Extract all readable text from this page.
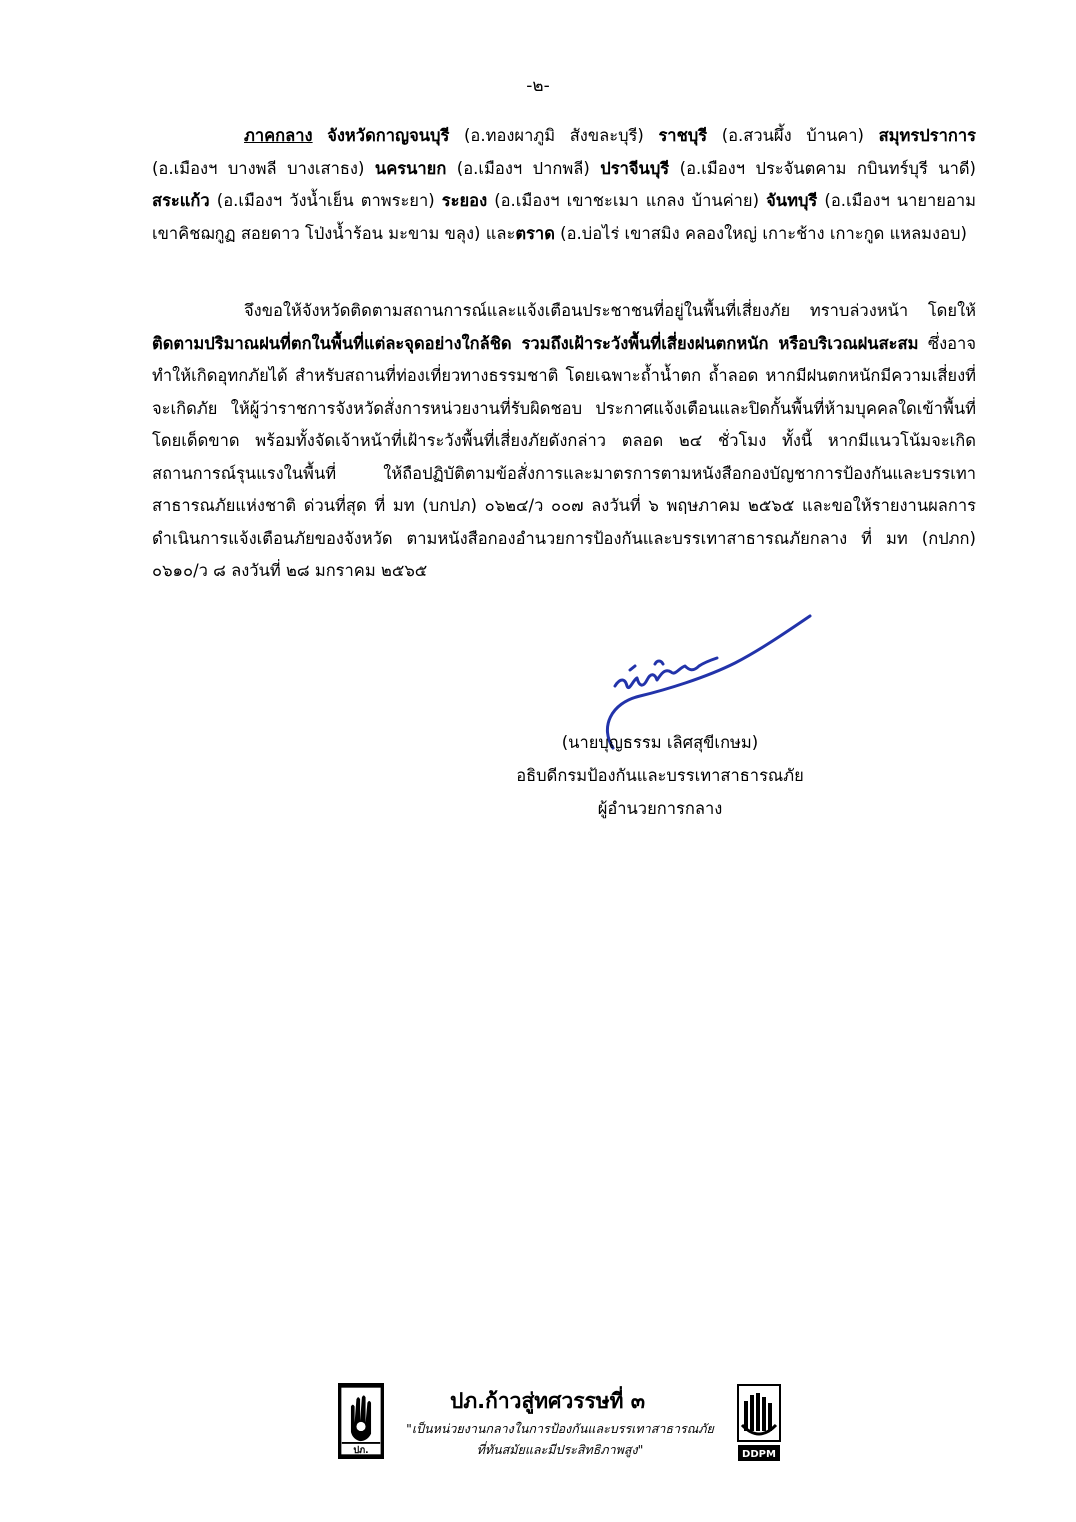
-๒-
ภาคกลาง จังหวัดกาญจนบุรี (อ.ทองผาภูมิ สังขละบุรี) ราชบุรี (อ.สวนผึ้ง บ้านคา) สมุทรปราการ (อ.เมืองฯ บางพลี บางเสาธง) นครนายก (อ.เมืองฯ ปากพลี) ปราจีนบุรี (อ.เมืองฯ ประจันตคาม กบินทร์บุรี นาดี) สระแก้ว (อ.เมืองฯ วังน้ำเย็น ตาพระยา) ระยอง (อ.เมืองฯ เขาชะเมา แกลง บ้านค่าย) จันทบุรี (อ.เมืองฯ นายายอาม เขาคิชฌกูฏ สอยดาว โป่งน้ำร้อน มะขาม ขลุง) และตราด (อ.บ่อไร่ เขาสมิง คลองใหญ่ เกาะช้าง เกาะกูด แหลมงอบ)
จึงขอให้จังหวัดติดตามสถานการณ์และแจ้งเตือนประชาชนที่อยู่ในพื้นที่เสี่ยงภัย ทราบล่วงหน้า โดยให้ติดตามปริมาณฝนที่ตกในพื้นที่แต่ละจุดอย่างใกล้ชิด รวมถึงเฝ้าระวังพื้นที่เสี่ยงฝนตกหนัก หรือบริเวณฝนสะสม ซึ่งอาจทำให้เกิดอุทกภัยได้ สำหรับสถานที่ท่องเที่ยวทางธรรมชาติ โดยเฉพาะถ้ำน้ำตก ถ้ำลอด หากมีฝนตกหนักมีความเสี่ยงที่จะเกิดภัย ให้ผู้ว่าราชการจังหวัดสั่งการหน่วยงานที่รับผิดชอบ ประกาศแจ้งเตือนและปิดกั้นพื้นที่ห้ามบุคคลใดเข้าพื้นที่โดยเด็ดขาด พร้อมทั้งจัดเจ้าหน้าที่เฝ้าระวังพื้นที่เสี่ยงภัยดังกล่าว ตลอด ๒๔ ชั่วโมง ทั้งนี้ หากมีแนวโน้มจะเกิดสถานการณ์รุนแรงในพื้นที่ ให้ถือปฏิบัติตามข้อสั่งการและมาตรการตามหนังสือกองบัญชาการป้องกันและบรรเทาสาธารณภัยแห่งชาติ ด่วนที่สุด ที่ มท (บกปภ) ๐๖๒๔/ว ๐๐๗ ลงวันที่ ๖ พฤษภาคม ๒๕๖๕ และขอให้รายงานผลการดำเนินการแจ้งเตือนภัยของจังหวัด ตามหนังสือกองอำนวยการป้องกันและบรรเทาสาธารณภัยกลาง ที่ มท (กปภก) ๐๖๑๐/ว ๘ ลงวันที่ ๒๘ มกราคม ๒๕๖๕
(นายบุญธรรม เลิศสุขีเกษม)
อธิบดีกรมป้องกันและบรรเทาสาธารณภัย
ผู้อำนวยการกลาง
ปภ.
ปภ.ก้าวสู่ทศวรรษที่ ๓
"เป็นหน่วยงานกลางในการป้องกันและบรรเทาสาธารณภัย
ที่ทันสมัยและมีประสิทธิภาพสูง"	DDPM
